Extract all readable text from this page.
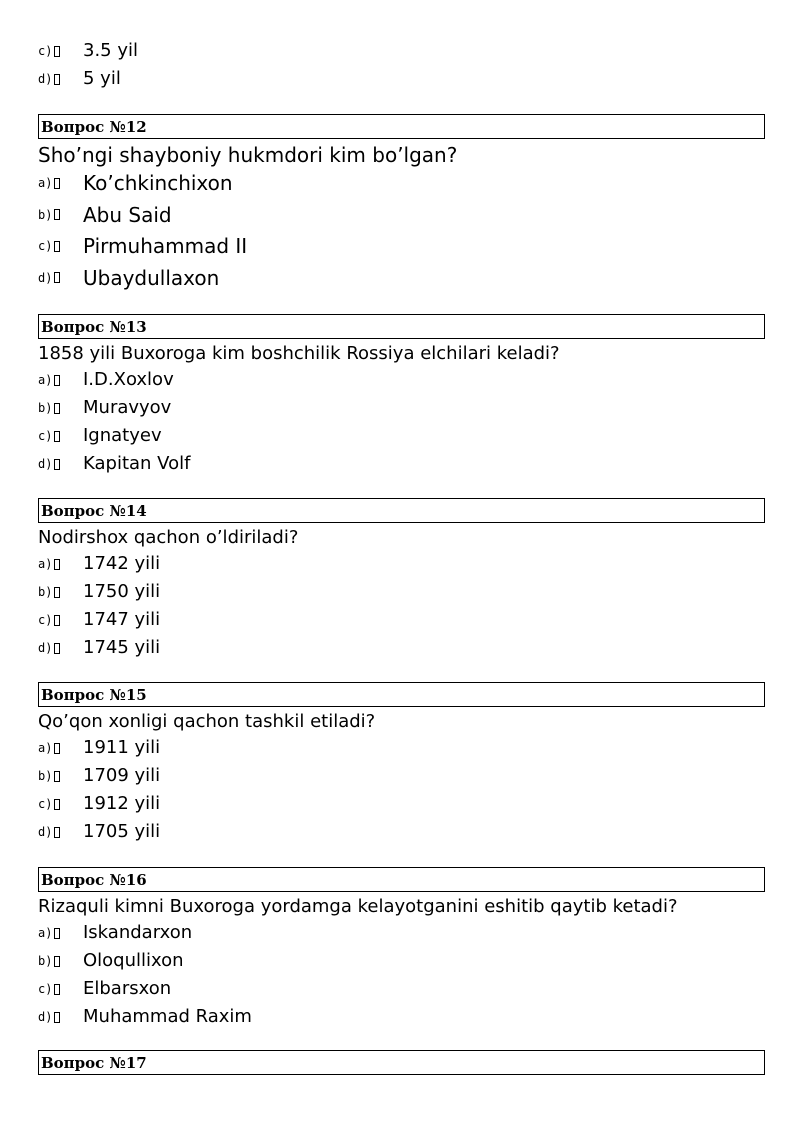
c) 3.5 yil
d) 5 yil
Вопрос №12
Sho’ngi shayboniy hukmdori kim bo’lgan?
a) Ko’chkinchixon
b) Abu Said
c) Pirmuhammad II
d) Ubaydullaxon
Вопрос №13
1858 yili Buxoroga kim boshchilik Rossiya elchilari keladi?
a) I.D.Xoxlov
b) Muravyov
c) Ignatyev
d) Kapitan Volf
Вопрос №14
Nodirshox qachon o’ldiriladi?
a) 1742 yili
b) 1750 yili
c) 1747 yili
d) 1745 yili
Вопрос №15
Qo’qon xonligi qachon tashkil etiladi?
a) 1911 yili
b) 1709 yili
c) 1912 yili
d) 1705 yili
Вопрос №16
Rizaquli kimni Buxoroga yordamga kelayotganini eshitib qaytib ketadi?
a) Iskandarxon
b) Oloqullixon
c) Elbarsxon
d) Muhammad Raxim
Вопрос №17
